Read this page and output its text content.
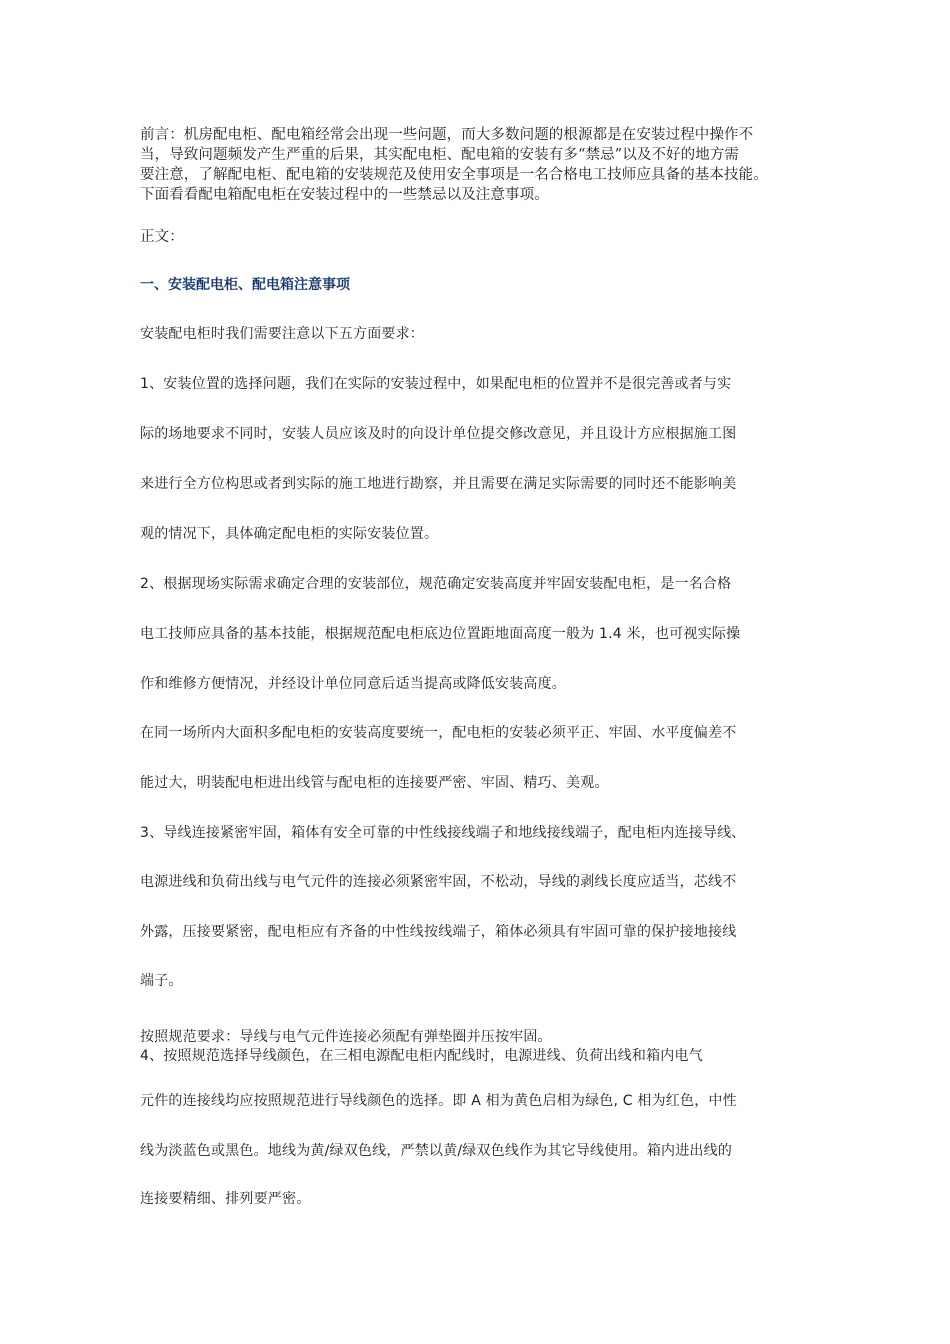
前言：机房配电柜、配电箱经常会出现一些问题，而大多数问题的根源都是在安装过程中操作不
当，导致问题频发产生严重的后果，其实配电柜、配电箱的安装有多“禁忌”以及不好的地方需
要注意，了解配电柜、配电箱的安装规范及使用安全事项是一名合格电工技师应具备的基本技能。
下面看看配电箱配电柜在安装过程中的一些禁忌以及注意事项。
正文：
一、安装配电柜、配电箱注意事项
安装配电柜时我们需要注意以下五方面要求：
1、安装位置的选择问题，我们在实际的安装过程中，如果配电柜的位置并不是很完善或者与实
际的场地要求不同时，安装人员应该及时的向设计单位提交修改意见，并且设计方应根据施工图
来进行全方位构思或者到实际的施工地进行勘察，并且需要在满足实际需要的同时还不能影响美
观的情况下，具体确定配电柜的实际安装位置。
2、根据现场实际需求确定合理的安装部位，规范确定安装高度并牢固安装配电柜，是一名合格
电工技师应具备的基本技能，根据规范配电柜底边位置距地面高度一般为 1.4 米，也可视实际操
作和维修方便情况，并经设计单位同意后适当提高或降低安装高度。
在同一场所内大面积多配电柜的安装高度要统一，配电柜的安装必须平正、牢固、水平度偏差不
能过大，明装配电柜进出线管与配电柜的连接要严密、牢固、精巧、美观。
3、导线连接紧密牢固，箱体有安全可靠的中性线接线端子和地线接线端子，配电柜内连接导线、
电源进线和负荷出线与电气元件的连接必须紧密牢固，不松动，导线的剥线长度应适当，芯线不
外露，压接要紧密，配电柜应有齐备的中性线按线端子，箱体必须具有牢固可靠的保护接地接线
端子。
按照规范要求：导线与电气元件连接必须配有弹垫圈并压按牢固。
4、按照规范选择导线颜色，在三相电源配电柜内配线时，电源进线、负荷出线和箱内电气
元件的连接线均应按照规范进行导线颜色的选择。即 A 相为黄色启相为绿色, C 相为红色，中性
线为淡蓝色或黑色。地线为黄/绿双色线，严禁以黄/绿双色线作为其它导线使用。箱内进出线的
连接要精细、排列要严密。
